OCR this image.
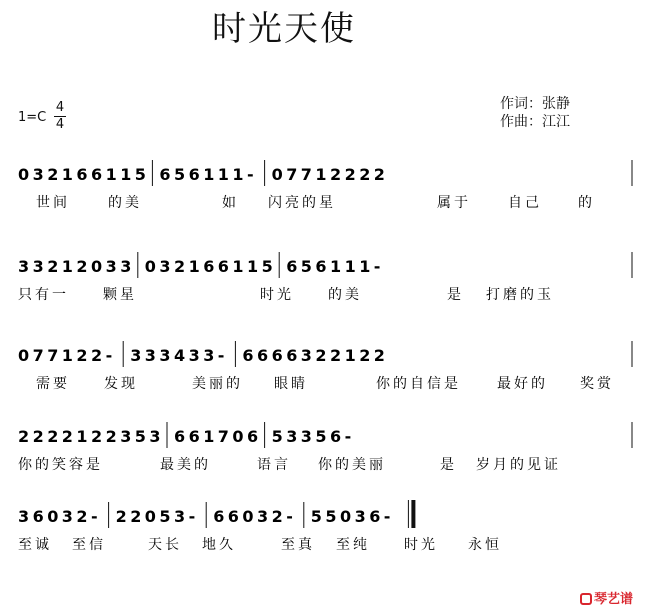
时光天使
1=C
4
4
作词：张静
作曲：江江
0 3 2 1 6 6 1 1 5 6 5 6 1 1 1 - 0 7 7 1 2 2 2 2
世间	的美	如 闪亮的星	属于	自己	的
3 3 2 1 2 0 3 3 0 3 2 1 6 6 1 1 5 6 5 6 1 1 1 -
只有一 颗星	时光 的美	是 打磨的玉
0 7 7 1 2 2 - 3 3 3 4 3 3 - 6 6 6 6 3 2 2 1 2 2
需要 发现	美丽的 眼睛	你的自信是	最好的 奖赏
2 2 2 2 1 2 2 3 5 3 6 6 1 7 0 6 5 3 3 5 6 -
你的笑容是	最美的	语言 你的美丽	是 岁月的见证
3 6 0 3 2 - 2 2 0 5 3 - 6 6 0 3 2 - 5 5 0 3 6 -
至诚 至信	天长 地久	至真 至纯 时光 永恒
琴艺谱
